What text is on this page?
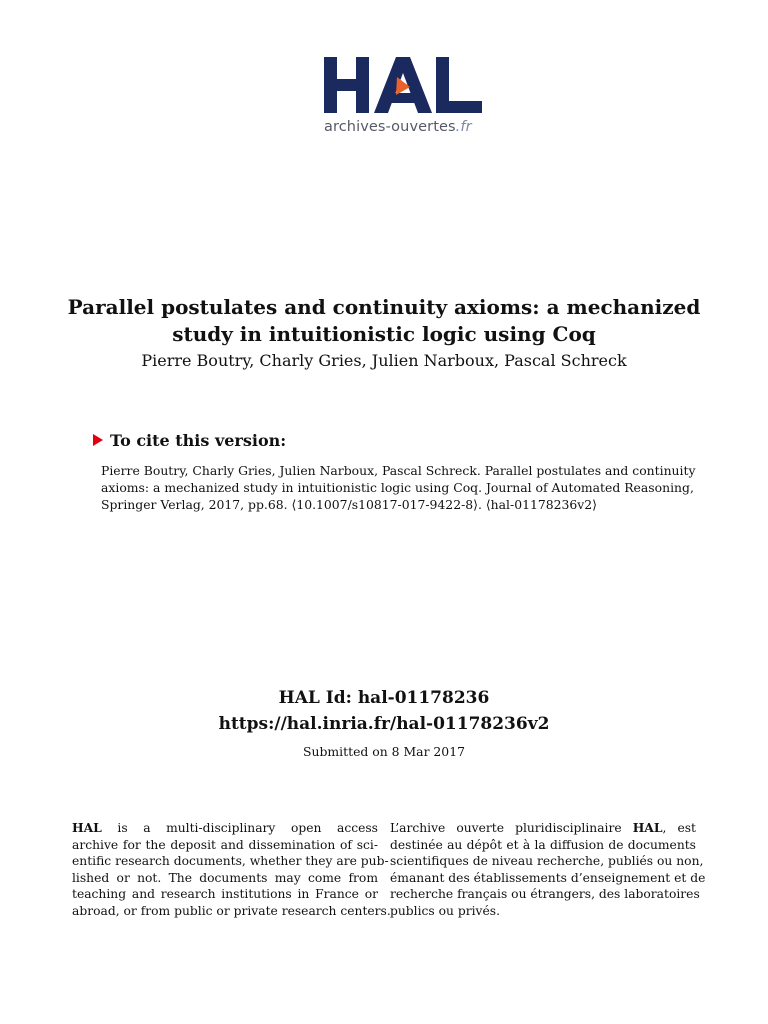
archives-ouvertes.fr
Parallel postulates and continuity axioms: a mechanized
study in intuitionistic logic using Coq
Pierre Boutry, Charly Gries, Julien Narboux, Pascal Schreck
To cite this version:
Pierre Boutry, Charly Gries, Julien Narboux, Pascal Schreck. Parallel postulates and continuity
axioms: a mechanized study in intuitionistic logic using Coq. Journal of Automated Reasoning,
Springer Verlag, 2017, pp.68. ⟨10.1007/s10817-017-9422-8⟩. ⟨hal-01178236v2⟩
HAL Id: hal-01178236
https://hal.inria.fr/hal-01178236v2
Submitted on 8 Mar 2017
HAL is a multi-disciplinary open access
archive for the deposit and dissemination of sci-
entific research documents, whether they are pub-
lished or not. The documents may come from
teaching and research institutions in France or
abroad, or from public or private research centers.
L’archive ouverte pluridisciplinaire HAL, est
destinée au dépôt et à la diffusion de documents
scientifiques de niveau recherche, publiés ou non,
émanant des établissements d’enseignement et de
recherche français ou étrangers, des laboratoires
publics ou privés.
